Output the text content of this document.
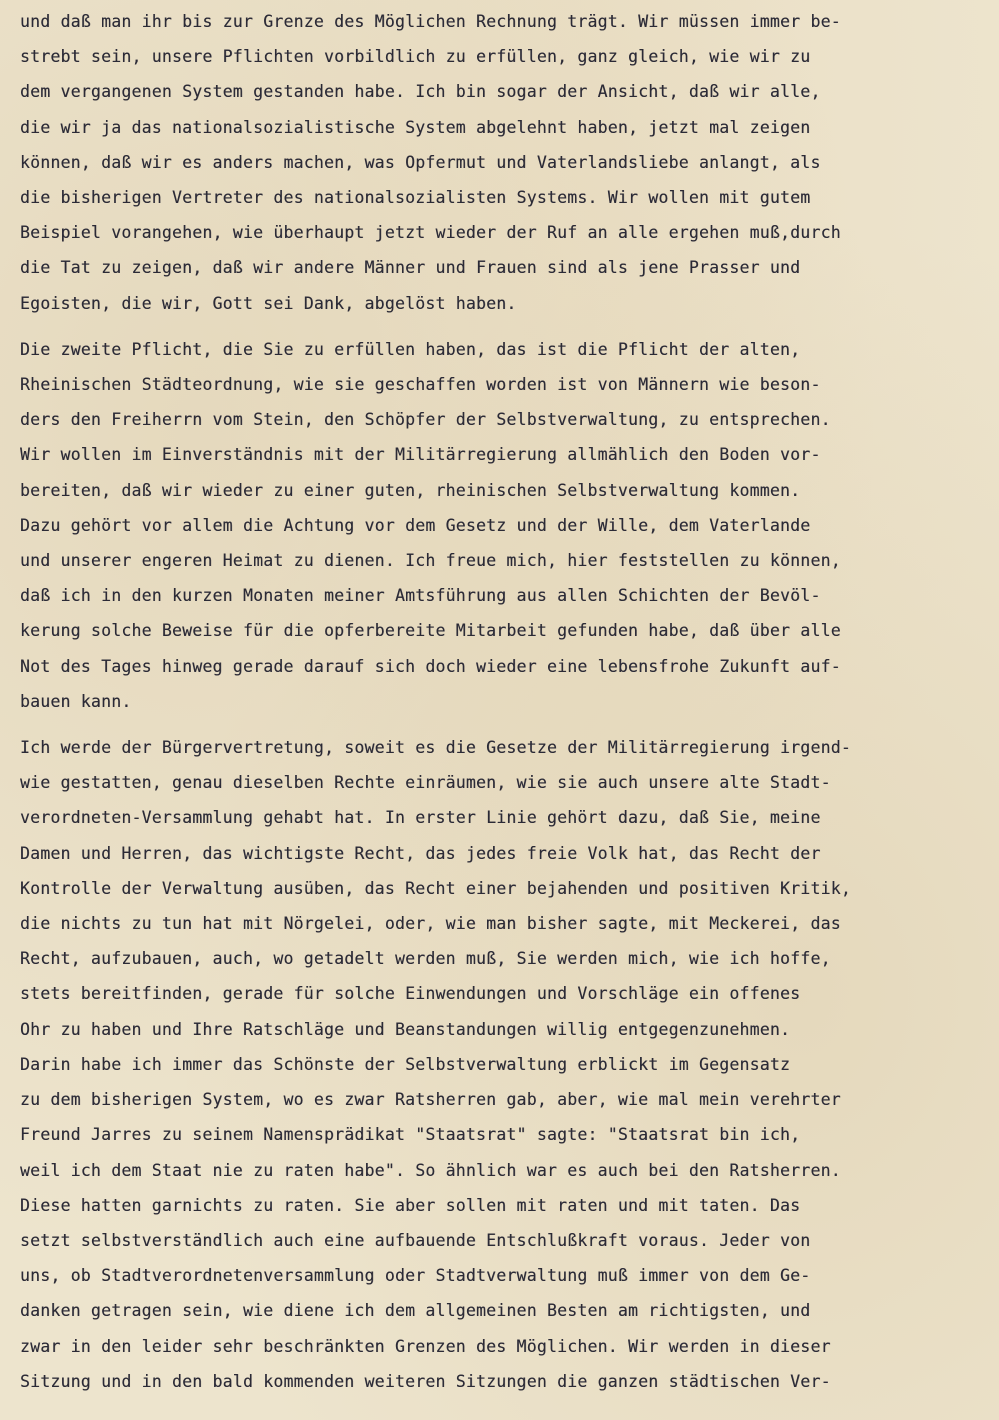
und daß man ihr bis zur Grenze des Möglichen Rechnung trägt. Wir müssen immer be-
strebt sein, unsere Pflichten vorbildlich zu erfüllen, ganz gleich, wie wir zu
dem vergangenen System gestanden habe. Ich bin sogar der Ansicht, daß wir alle,
die wir ja das nationalsozialistische System abgelehnt haben, jetzt mal zeigen
können, daß wir es anders machen, was Opfermut und Vaterlandsliebe anlangt, als
die bisherigen Vertreter des nationalsozialisten Systems. Wir wollen mit gutem
Beispiel vorangehen, wie überhaupt jetzt wieder der Ruf an alle ergehen muß,durch
die Tat zu zeigen, daß wir andere Männer und Frauen sind als jene Prasser und
Egoisten, die wir, Gott sei Dank, abgelöst haben.
Die zweite Pflicht, die Sie zu erfüllen haben, das ist die Pflicht der alten,
Rheinischen Städteordnung, wie sie geschaffen worden ist von Männern wie beson-
ders den Freiherrn vom Stein, den Schöpfer der Selbstverwaltung, zu entsprechen.
Wir wollen im Einverständnis mit der Militärregierung allmählich den Boden vor-
bereiten, daß wir wieder zu einer guten, rheinischen Selbstverwaltung kommen.
Dazu gehört vor allem die Achtung vor dem Gesetz und der Wille, dem Vaterlande
und unserer engeren Heimat zu dienen. Ich freue mich, hier feststellen zu können,
daß ich in den kurzen Monaten meiner Amtsführung aus allen Schichten der Bevöl-
kerung solche Beweise für die opferbereite Mitarbeit gefunden habe, daß über alle
Not des Tages hinweg gerade darauf sich doch wieder eine lebensfrohe Zukunft auf-
bauen kann.
Ich werde der Bürgervertretung, soweit es die Gesetze der Militärregierung irgend-
wie gestatten, genau dieselben Rechte einräumen, wie sie auch unsere alte Stadt-
verordneten-Versammlung gehabt hat. In erster Linie gehört dazu, daß Sie, meine
Damen und Herren, das wichtigste Recht, das jedes freie Volk hat, das Recht der
Kontrolle der Verwaltung ausüben, das Recht einer bejahenden und positiven Kritik,
die nichts zu tun hat mit Nörgelei, oder, wie man bisher sagte, mit Meckerei, das
Recht, aufzubauen, auch, wo getadelt werden muß, Sie werden mich, wie ich hoffe,
stets bereitfinden, gerade für solche Einwendungen und Vorschläge ein offenes
Ohr zu haben und Ihre Ratschläge und Beanstandungen willig entgegenzunehmen.
Darin habe ich immer das Schönste der Selbstverwaltung erblickt im Gegensatz
zu dem bisherigen System, wo es zwar Ratsherren gab, aber, wie mal mein verehrter
Freund Jarres zu seinem Namensprädikat "Staatsrat" sagte: "Staatsrat bin ich,
weil ich dem Staat nie zu raten habe". So ähnlich war es auch bei den Ratsherren.
Diese hatten garnichts zu raten. Sie aber sollen mit raten und mit taten. Das
setzt selbstverständlich auch eine aufbauende Entschlußkraft voraus. Jeder von
uns, ob Stadtverordnetenversammlung oder Stadtverwaltung muß immer von dem Ge-
danken getragen sein, wie diene ich dem allgemeinen Besten am richtigsten, und
zwar in den leider sehr beschränkten Grenzen des Möglichen. Wir werden in dieser
Sitzung und in den bald kommenden weiteren Sitzungen die ganzen städtischen Ver-
